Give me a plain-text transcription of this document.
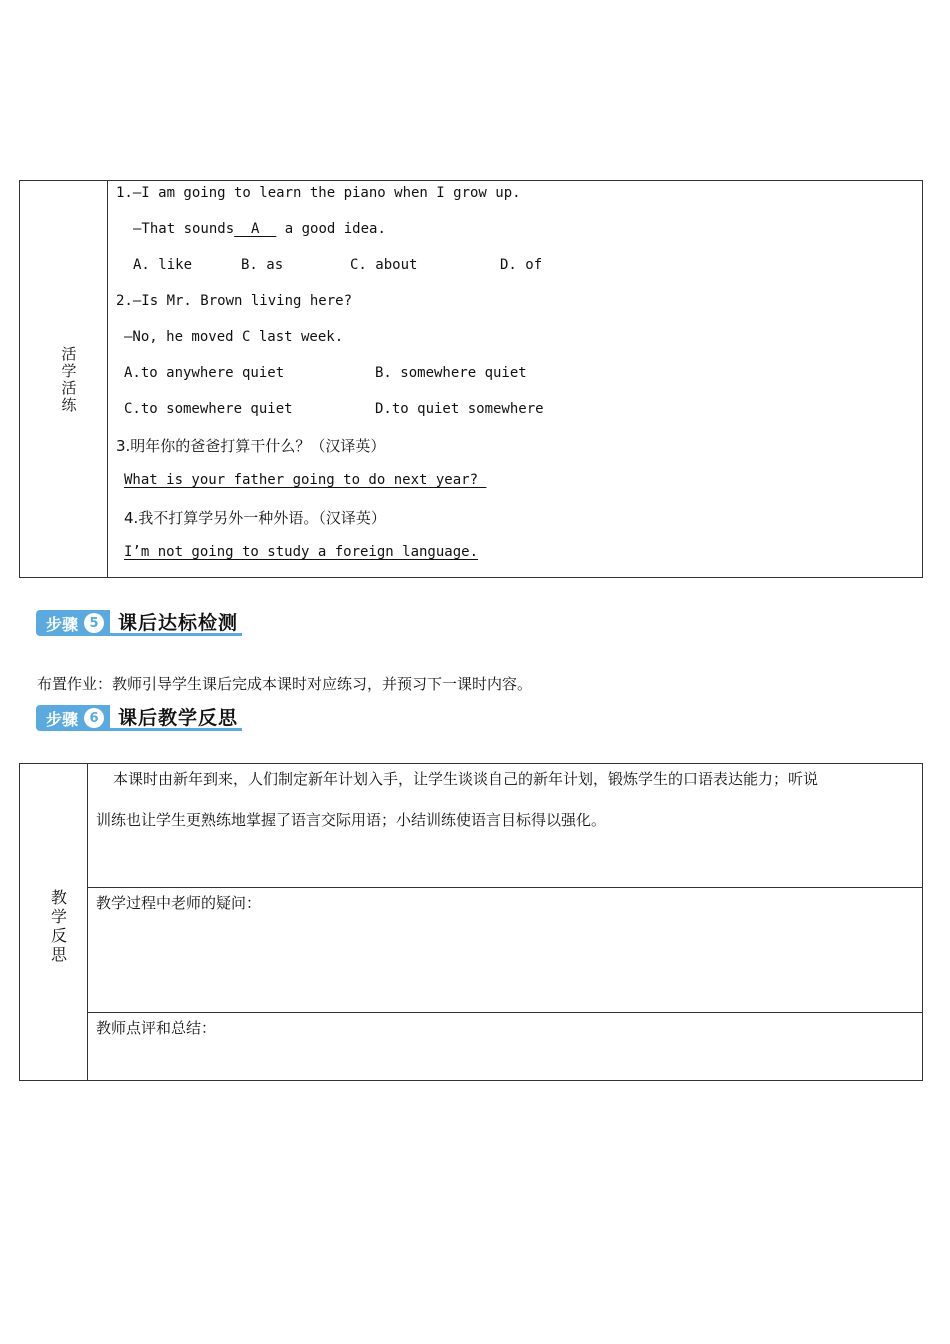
活
学
活
练
1.—I am going to learn the piano when I grow up.
—That sounds  A   a good idea.
A. like	B. as	C. about	D. of
2.—Is Mr. Brown living here?
—No, he moved C last week.
A.to anywhere quiet	B. somewhere quiet
C.to somewhere quiet	D.to quiet somewhere
3.明年你的爸爸打算干什么？（汉译英）
What is your father going to do next year?
4.我不打算学另外一种外语。（汉译英）
I’m not going to study a foreign language.
步骤 5	课后达标检测
布置作业：教师引导学生课后完成本课时对应练习，并预习下一课时内容。
步骤 6	课后教学反思
教
学
反
思
本课时由新年到来，人们制定新年计划入手，让学生谈谈自己的新年计划，锻炼学生的口语表达能力；听说
训练也让学生更熟练地掌握了语言交际用语；小结训练使语言目标得以强化。
教学过程中老师的疑问：
教师点评和总结：
